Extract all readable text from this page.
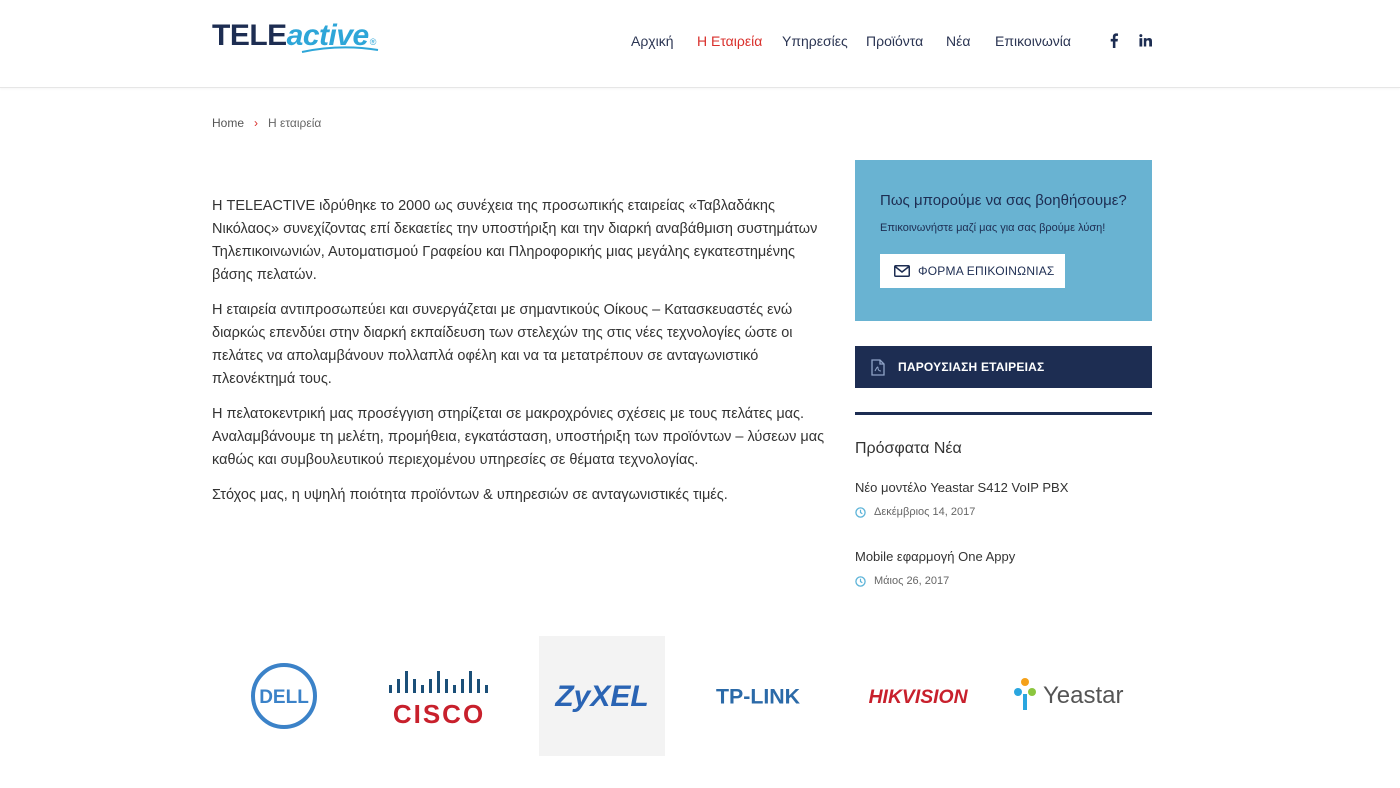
TELE active ®	Αρχική Η Εταιρεία Υπηρεσίες Προϊόντα Νέα Επικοινωνία
Home › Η εταιρεία

Η TELEACTIVE ιδρύθηκε το 2000 ως συνέχεια της προσωπικής εταιρείας «Ταβλαδάκης Νικόλαος» συνεχίζοντας επί δεκαετίες την υποστήριξη και την διαρκή αναβάθμιση συστημάτων Τηλεπικοινωνιών, Αυτοματισμού Γραφείου και Πληροφορικής μιας μεγάλης εγκατεστημένης βάσης πελατών.

Η εταιρεία αντιπροσωπεύει και συνεργάζεται με σημαντικούς Οίκους – Κατασκευαστές ενώ διαρκώς επενδύει στην διαρκή εκπαίδευση των στελεχών της στις νέες τεχνολογίες ώστε οι πελάτες να απολαμβάνουν πολλαπλά οφέλη και να τα μετατρέπουν σε ανταγωνιστικό πλεονέκτημά τους.

Η πελατοκεντρική μας προσέγγιση στηρίζεται σε μακροχρόνιες σχέσεις με τους πελάτες μας. Αναλαμβάνουμε τη μελέτη, προμήθεια, εγκατάσταση, υποστήριξη των προϊόντων – λύσεων μας καθώς και συμβουλευτικού περιεχομένου υπηρεσίες σε θέματα τεχνολογίας.

Στόχος μας, η υψηλή ποιότητα προϊόντων & υπηρεσιών σε ανταγωνιστικές τιμές.

Πως μπορούμε να σας βοηθήσουμε?
Επικοινωνήστε μαζί μας για σας βρούμε λύση!
ΦΟΡΜΑ ΕΠΙΚΟΙΝΩΝΙΑΣ
ΠΑΡΟΥΣΙΑΣΗ ΕΤΑΙΡΕΙΑΣ
Πρόσφατα Νέα
Νέο μοντέλο Yeastar S412 VoIP PBX
Δεκέμβριος 14, 2017
Mobile εφαρμογή One Appy
Μάιος 26, 2017
DELL
CISCO
ZyXEL	TP-LINK	HIKVISION	Yeastar
